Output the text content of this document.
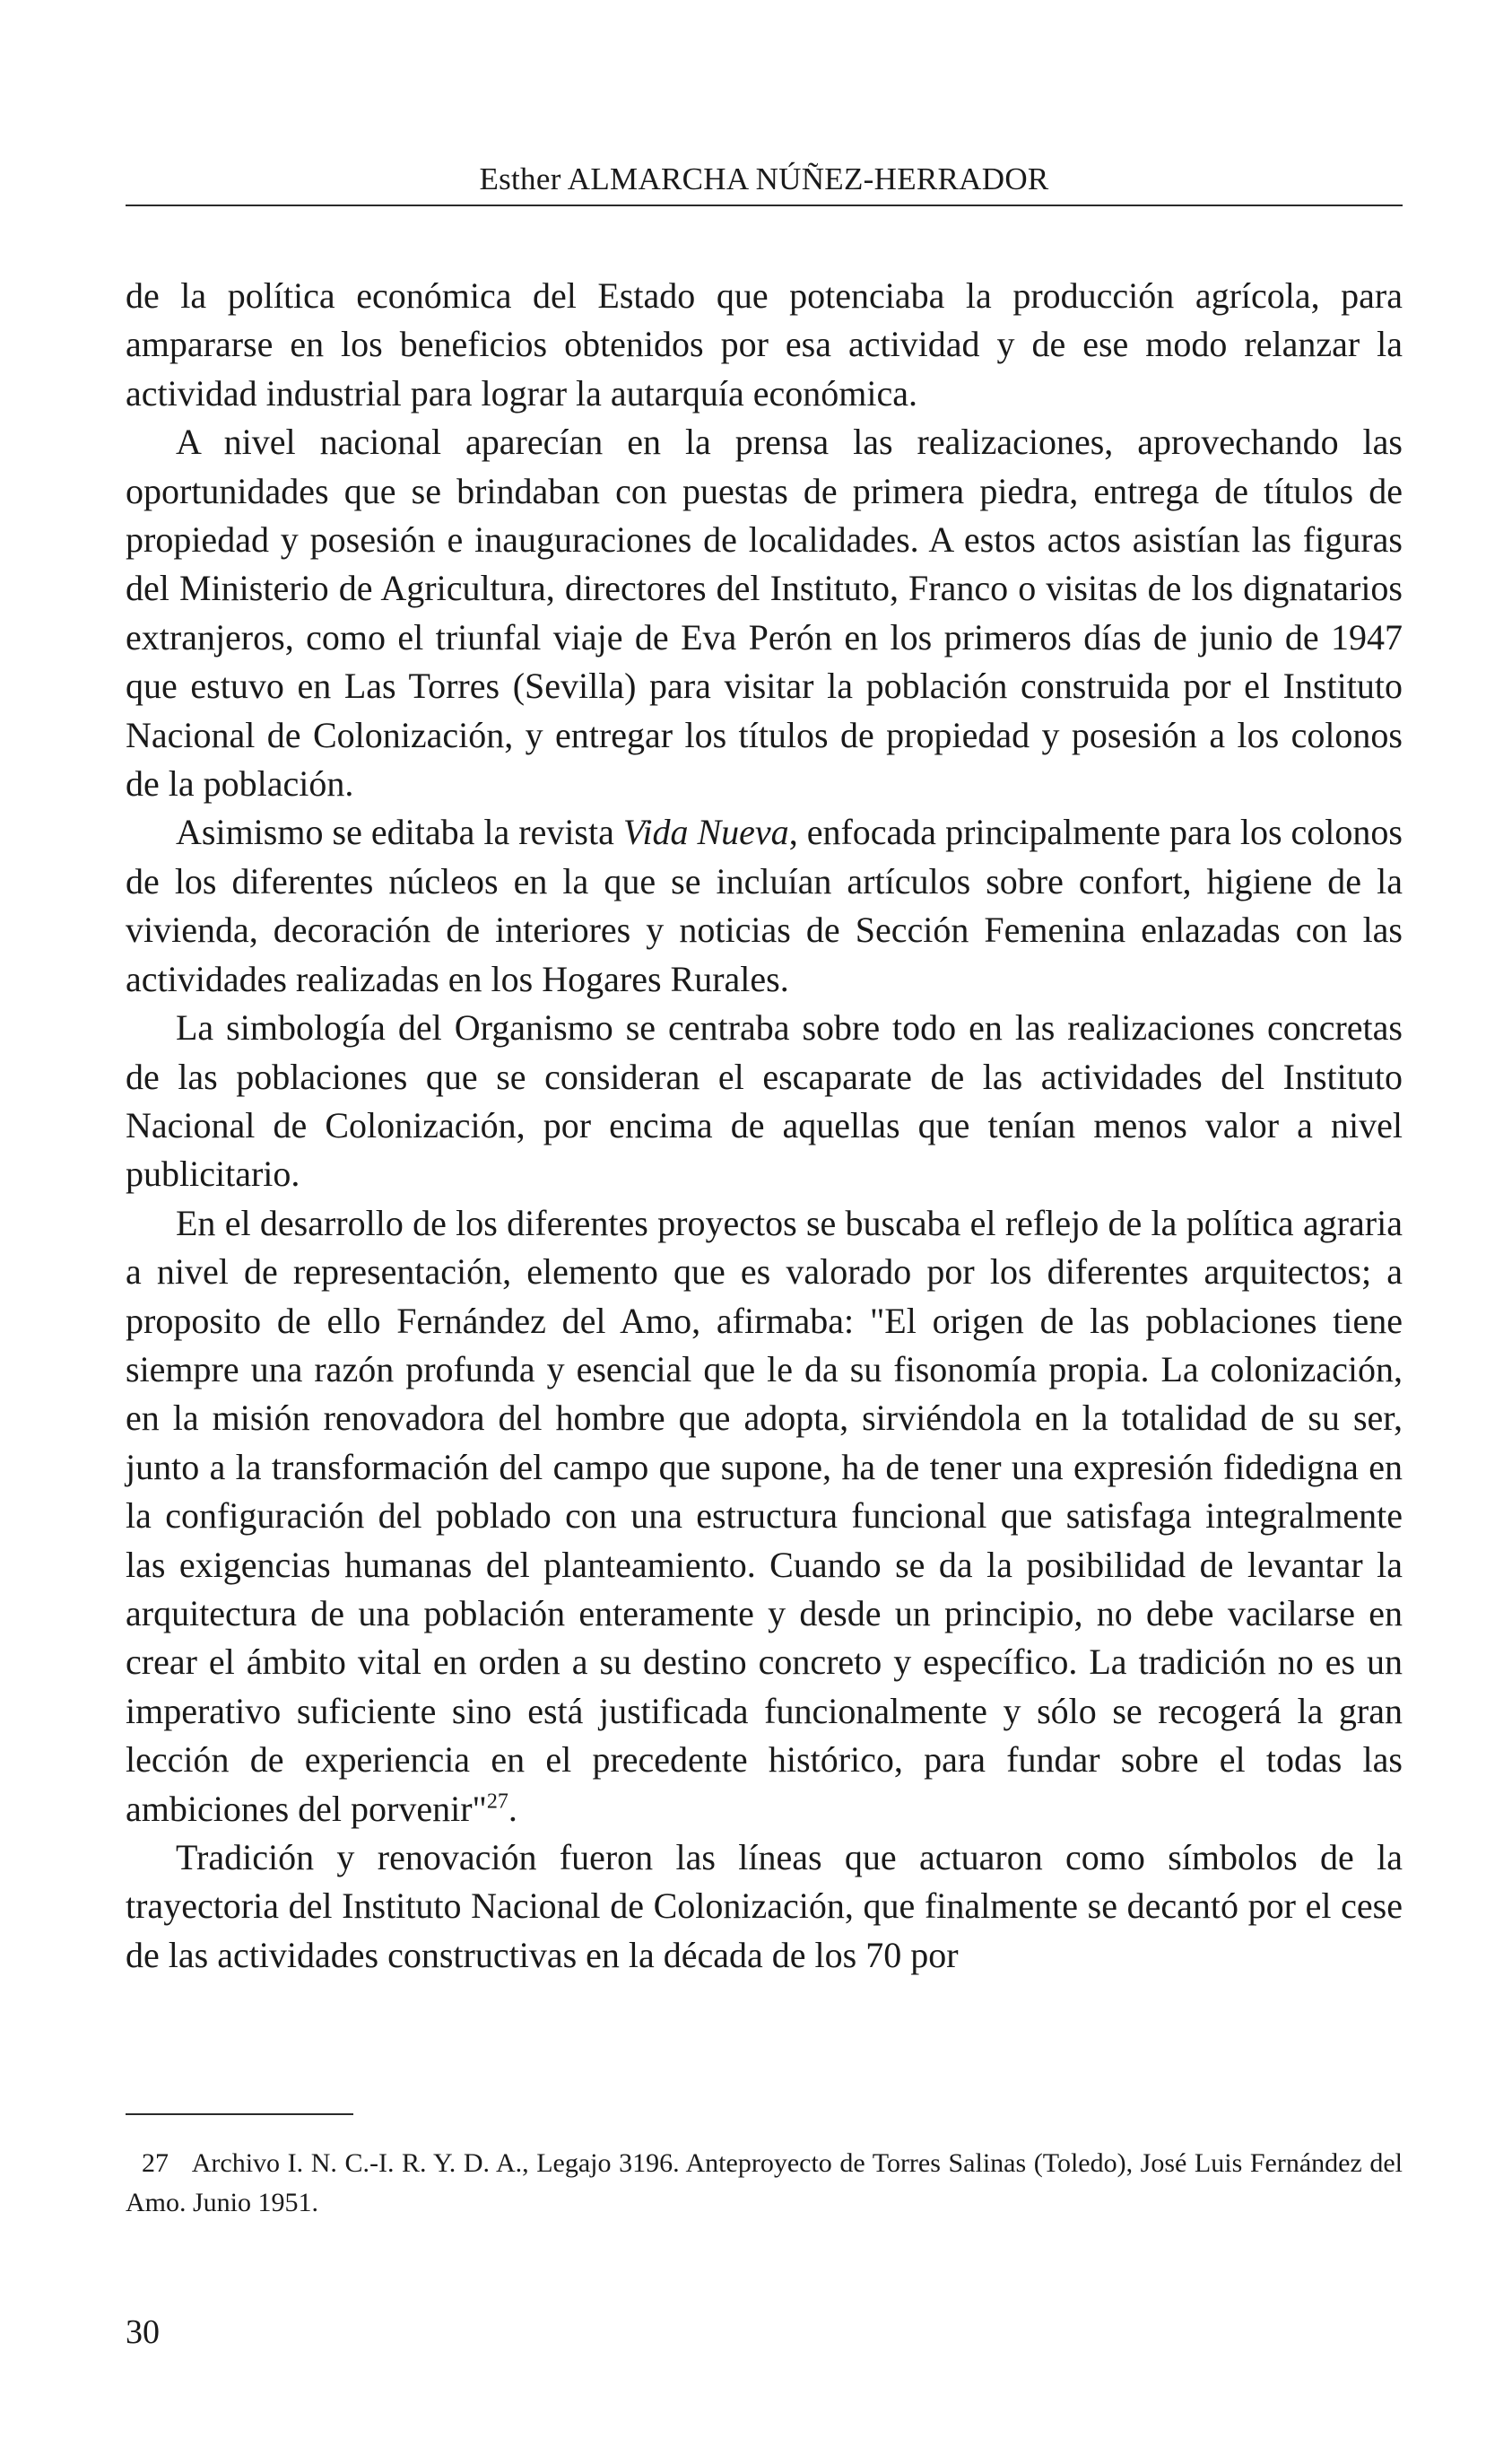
Esther ALMARCHA NÚÑEZ-HERRADOR

de la política económica del Estado que potenciaba la producción agrícola, para ampararse en los beneficios obtenidos por esa actividad y de ese modo relanzar la actividad industrial para lograr la autarquía económica.

A nivel nacional aparecían en la prensa las realizaciones, aprovechando las oportunidades que se brindaban con puestas de primera piedra, entrega de títulos de propiedad y posesión e inauguraciones de localidades. A estos actos asistían las figuras del Ministerio de Agricultura, directores del Instituto, Franco o visitas de los dignatarios extranjeros, como el triunfal viaje de Eva Perón en los primeros días de junio de 1947 que estuvo en Las Torres (Sevilla) para visitar la población construida por el Instituto Nacional de Colonización, y entregar los títulos de propiedad y posesión a los colonos de la población.

Asimismo se editaba la revista Vida Nueva, enfocada principalmente para los colonos de los diferentes núcleos en la que se incluían artículos sobre confort, higiene de la vivienda, decoración de interiores y noticias de Sección Femenina enlazadas con las actividades realizadas en los Hogares Rurales.

La simbología del Organismo se centraba sobre todo en las realizaciones concretas de las poblaciones que se consideran el escaparate de las actividades del Instituto Nacional de Colonización, por encima de aquellas que tenían menos valor a nivel publicitario.

En el desarrollo de los diferentes proyectos se buscaba el reflejo de la política agraria a nivel de representación, elemento que es valorado por los diferentes arquitectos; a proposito de ello Fernández del Amo, afirmaba: "El origen de las poblaciones tiene siempre una razón profunda y esencial que le da su fisonomía propia. La colonización, en la misión renovadora del hombre que adopta, sirviéndola en la totalidad de su ser, junto a la transformación del campo que supone, ha de tener una expresión fidedigna en la configuración del poblado con una estructura funcional que satisfaga integralmente las exigencias humanas del planteamiento. Cuando se da la posibilidad de levantar la arquitectura de una población enteramente y desde un principio, no debe vacilarse en crear el ámbito vital en orden a su destino concreto y específico. La tradición no es un imperativo suficiente sino está justificada funcionalmente y sólo se recogerá la gran lección de experiencia en el precedente histórico, para fundar sobre el todas las ambiciones del porvenir"$^{27}$.

Tradición y renovación fueron las líneas que actuaron como símbolos de la trayectoria del Instituto Nacional de Colonización, que finalmente se decantó por el cese de las actividades constructivas en la década de los 70 por

27 Archivo I. N. C.-I. R. Y. D. A., Legajo 3196. Anteproyecto de Torres Salinas (Toledo), José Luis Fernández del Amo. Junio 1951.

30
